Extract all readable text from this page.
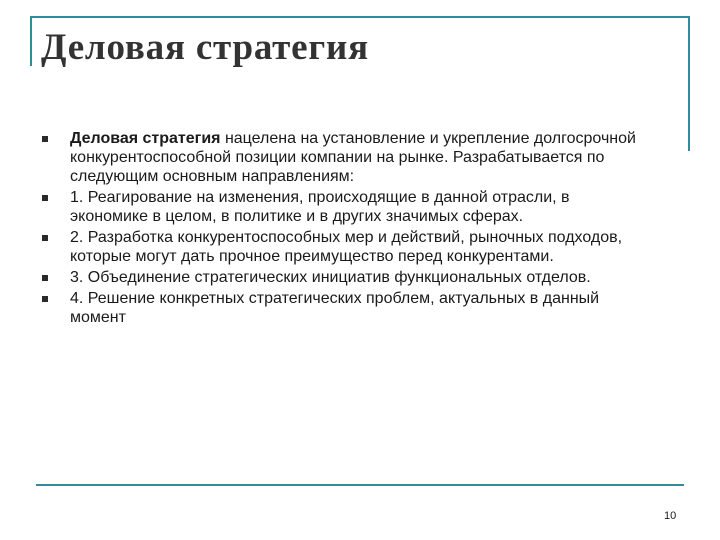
Деловая стратегия
Деловая стратегия нацелена на установление и укрепление долгосрочной конкурентоспособной позиции компании на рынке. Разрабатывается по следующим основным направлениям:
1. Реагирование на изменения, происходящие в данной отрасли, в экономике в целом, в политике и в других значимых сферах.
2. Разработка конкурентоспособных мер и действий, рыночных подходов, которые могут дать прочное преимущество перед конкурентами.
3. Объединение стратегических инициатив функциональных отделов.
4. Решение конкретных стратегических проблем, актуальных в данный момент
10
